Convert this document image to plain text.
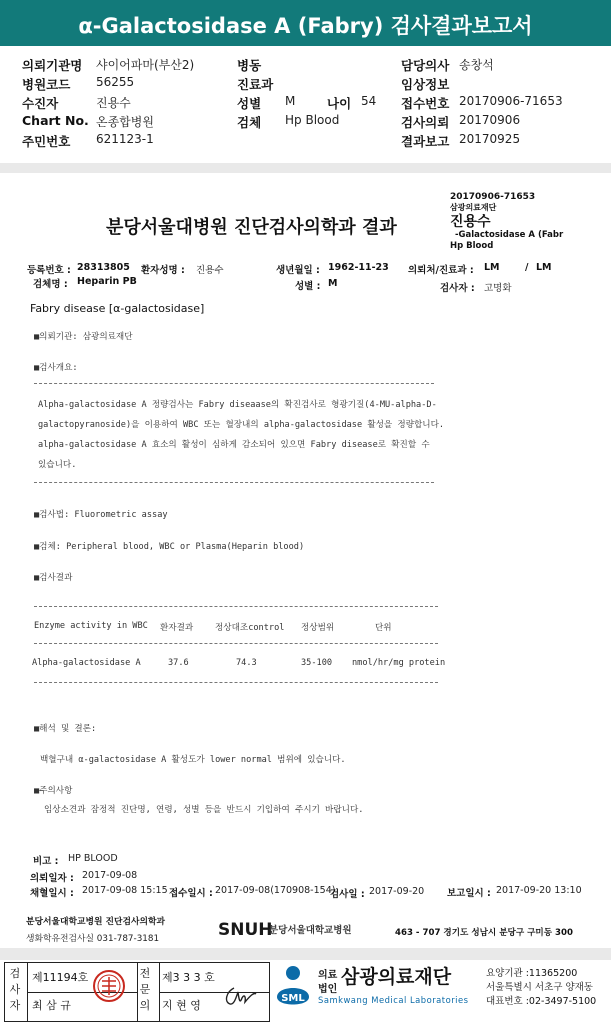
α-Galactosidase A (Fabry) 검사결과보고서
의뢰기관명 샤이어파마(부산2)
병원코드 56255
수진자	진용수
Chart No. 온종합병원
주민번호 621123-1
병동
진료과
성별 M	나이 54
검체 Hp Blood
담당의사 송창석
임상정보
접수번호 20170906-71653
검사의뢰 20170906
결과보고 20170925
20170906-71653
삼광의료재단
진용수
-Galactosidase A (Fabr
Hp Blood
분당서울대병원 진단검사의학과 결과
등록번호 : 28313805 환자성명 : 진용수	생년월일 : 1962-11-23 의뢰처/진료과 : LM	/ LM
검체명 : Heparin PB	성별 : M	검사자 : 고명화
Fabry disease [α-galactosidase]
■의뢰기관: 삼광의료재단
■검사개요:
Alpha-galactosidase A 정량검사는 Fabry diseaase의 확진검사로 형광기질(4-MU-alpha-D-
galactopyranoside)을 이용하여 WBC 또는 혈장내의 alpha-galactosidase 활성을 정량합니다.
alpha-galactosidase A 효소의 활성이 심하게 감소되어 있으면 Fabry disease로 확진할 수
있습니다.
■검사법: Fluorometric assay
■검체: Peripheral blood, WBC or Plasma(Heparin blood)
■검사결과
Enzyme activity in WBC 환자결과	정상대조control 정상범위	단위
Alpha-galactosidase A	37.6	74.3	35-100 nmol/hr/mg protein
■해석 및 결론:
백혈구내 α-galactosidase A 활성도가 lower normal 범위에 있습니다.
■주의사항
임상소견과 잠정적 진단명, 연령, 성별 등을 반드시 기입하여 주시기 바랍니다.
비고 : HP BLOOD
의뢰일자 : 2017-09-08
채혈일시 : 2017-09-08 15:15 접수일시 : 2017-09-08(170908-154)
검사일 : 2017-09-20 보고일시 : 2017-09-20 13:10
분당서울대학교병원 진단검사의학과
생화학유전검사실 031-787-3181	SNUH
분당서울대학교병원	463 - 707 경기도 성남시 분당구 구미동 300
검사자
제11194호
최 삼 규
전문의
제3 3 3 호
지 현 영
SML
의료
법인
삼광의료재단
Samkwang Medical Laboratories
요양기관 :11365200
서울특별시 서초구 양재동
대표번호 :02-3497-5100
